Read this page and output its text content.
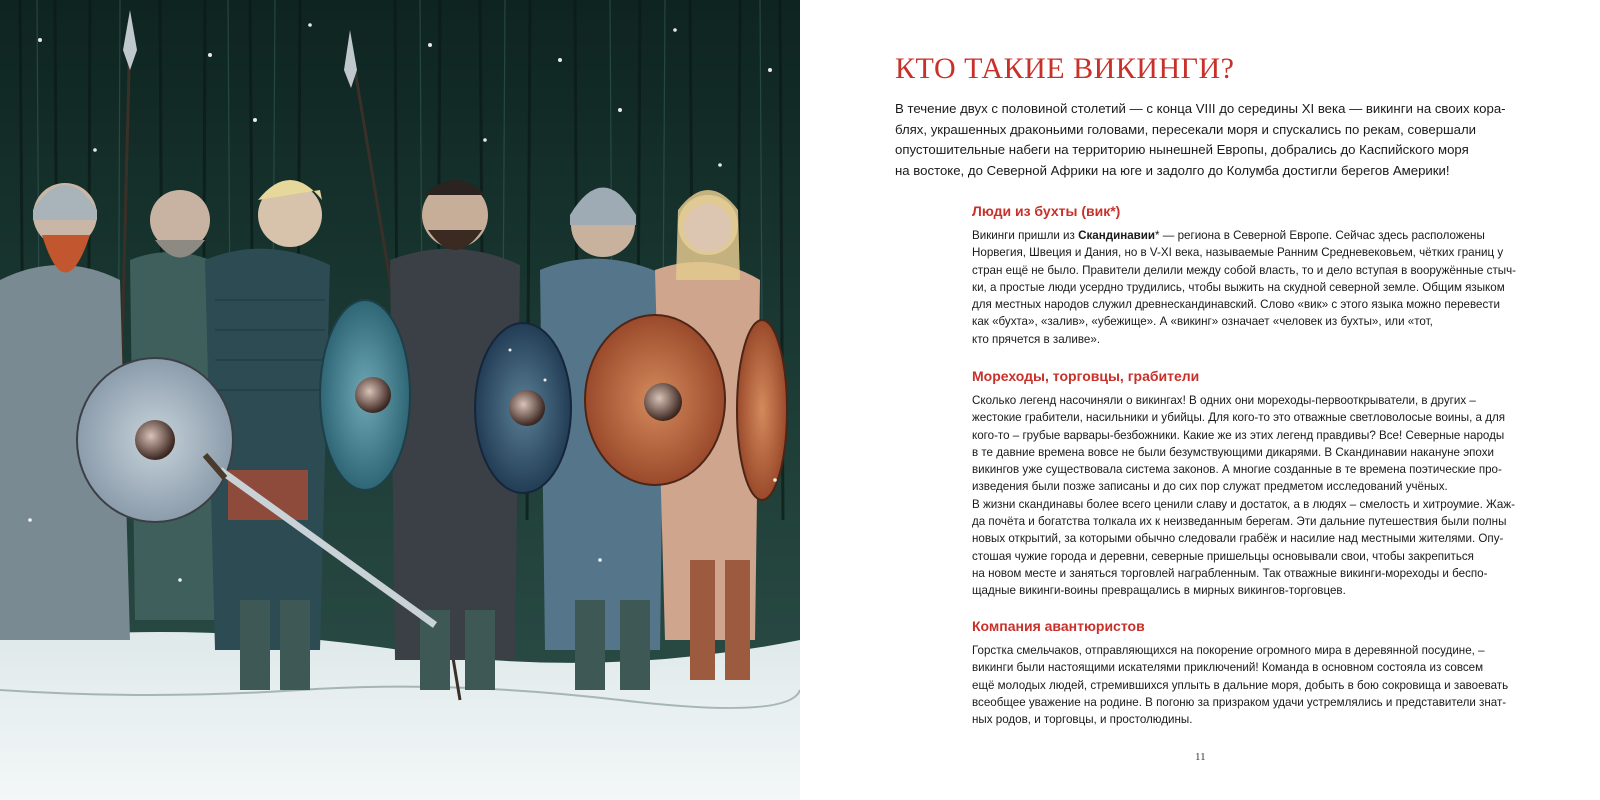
КТО ТАКИЕ ВИКИНГИ?

В течение двух с половиной столетий — с конца VIII до середины XI века — викинги на своих кора-
блях, украшенных драконьими головами, пересекали моря и спускались по рекам, совершали
опустошительные набеги на территорию нынешней Европы, добрались до Каспийского моря
на востоке, до Северной Африки на юге и задолго до Колумба достигли берегов Америки!

Люди из бухты (вик*)

Викинги пришли из Скандинавии* — региона в Северной Европе. Сейчас здесь расположены
Норвегия, Швеция и Дания, но в V-XI века, называемые Ранним Средневековьем, чётких границ у
стран ещё не было. Правители делили между собой власть, то и дело вступая в вооружённые стыч-
ки, а простые люди усердно трудились, чтобы выжить на скудной северной земле. Общим языком
для местных народов служил древнескандинавский. Слово «вик» с этого языка можно перевести
как «бухта», «залив», «убежище». А «викинг» означает «человек из бухты», или «тот,
кто прячется в заливе».

Мореходы, торговцы, грабители

Сколько легенд насочиняли о викингах! В одних они мореходы-первооткрыватели, в других –
жестокие грабители, насильники и убийцы. Для кого-то это отважные светловолосые воины, а для
кого-то – грубые варвары-безбожники. Какие же из этих легенд правдивы? Все! Северные народы
в те давние времена вовсе не были безумствующими дикарями. В Скандинавии накануне эпохи
викингов уже существовала система законов. А многие созданные в те времена поэтические про-
изведения были позже записаны и до сих пор служат предметом исследований учёных.
В жизни скандинавы более всего ценили славу и достаток, а в людях – смелость и хитроумие. Жаж-
да почёта и богатства толкала их к неизведанным берегам. Эти дальние путешествия были полны
новых открытий, за которыми обычно следовали грабёж и насилие над местными жителями. Опу-
стошая чужие города и деревни, северные пришельцы основывали свои, чтобы закрепиться
на новом месте и заняться торговлей награбленным. Так отважные викинги-мореходы и беспо-
щадные викинги-воины превращались в мирных викингов-торговцев.

Компания авантюристов

Горстка смельчаков, отправляющихся на покорение огромного мира в деревянной посудине, –
викинги были настоящими искателями приключений! Команда в основном состояла из совсем
ещё молодых людей, стремившихся уплыть в дальние моря, добыть в бою сокровища и завоевать
всеобщее уважение на родине. В погоню за призраком удачи устремлялись и представители знат-
ных родов, и торговцы, и простолюдины.

11
